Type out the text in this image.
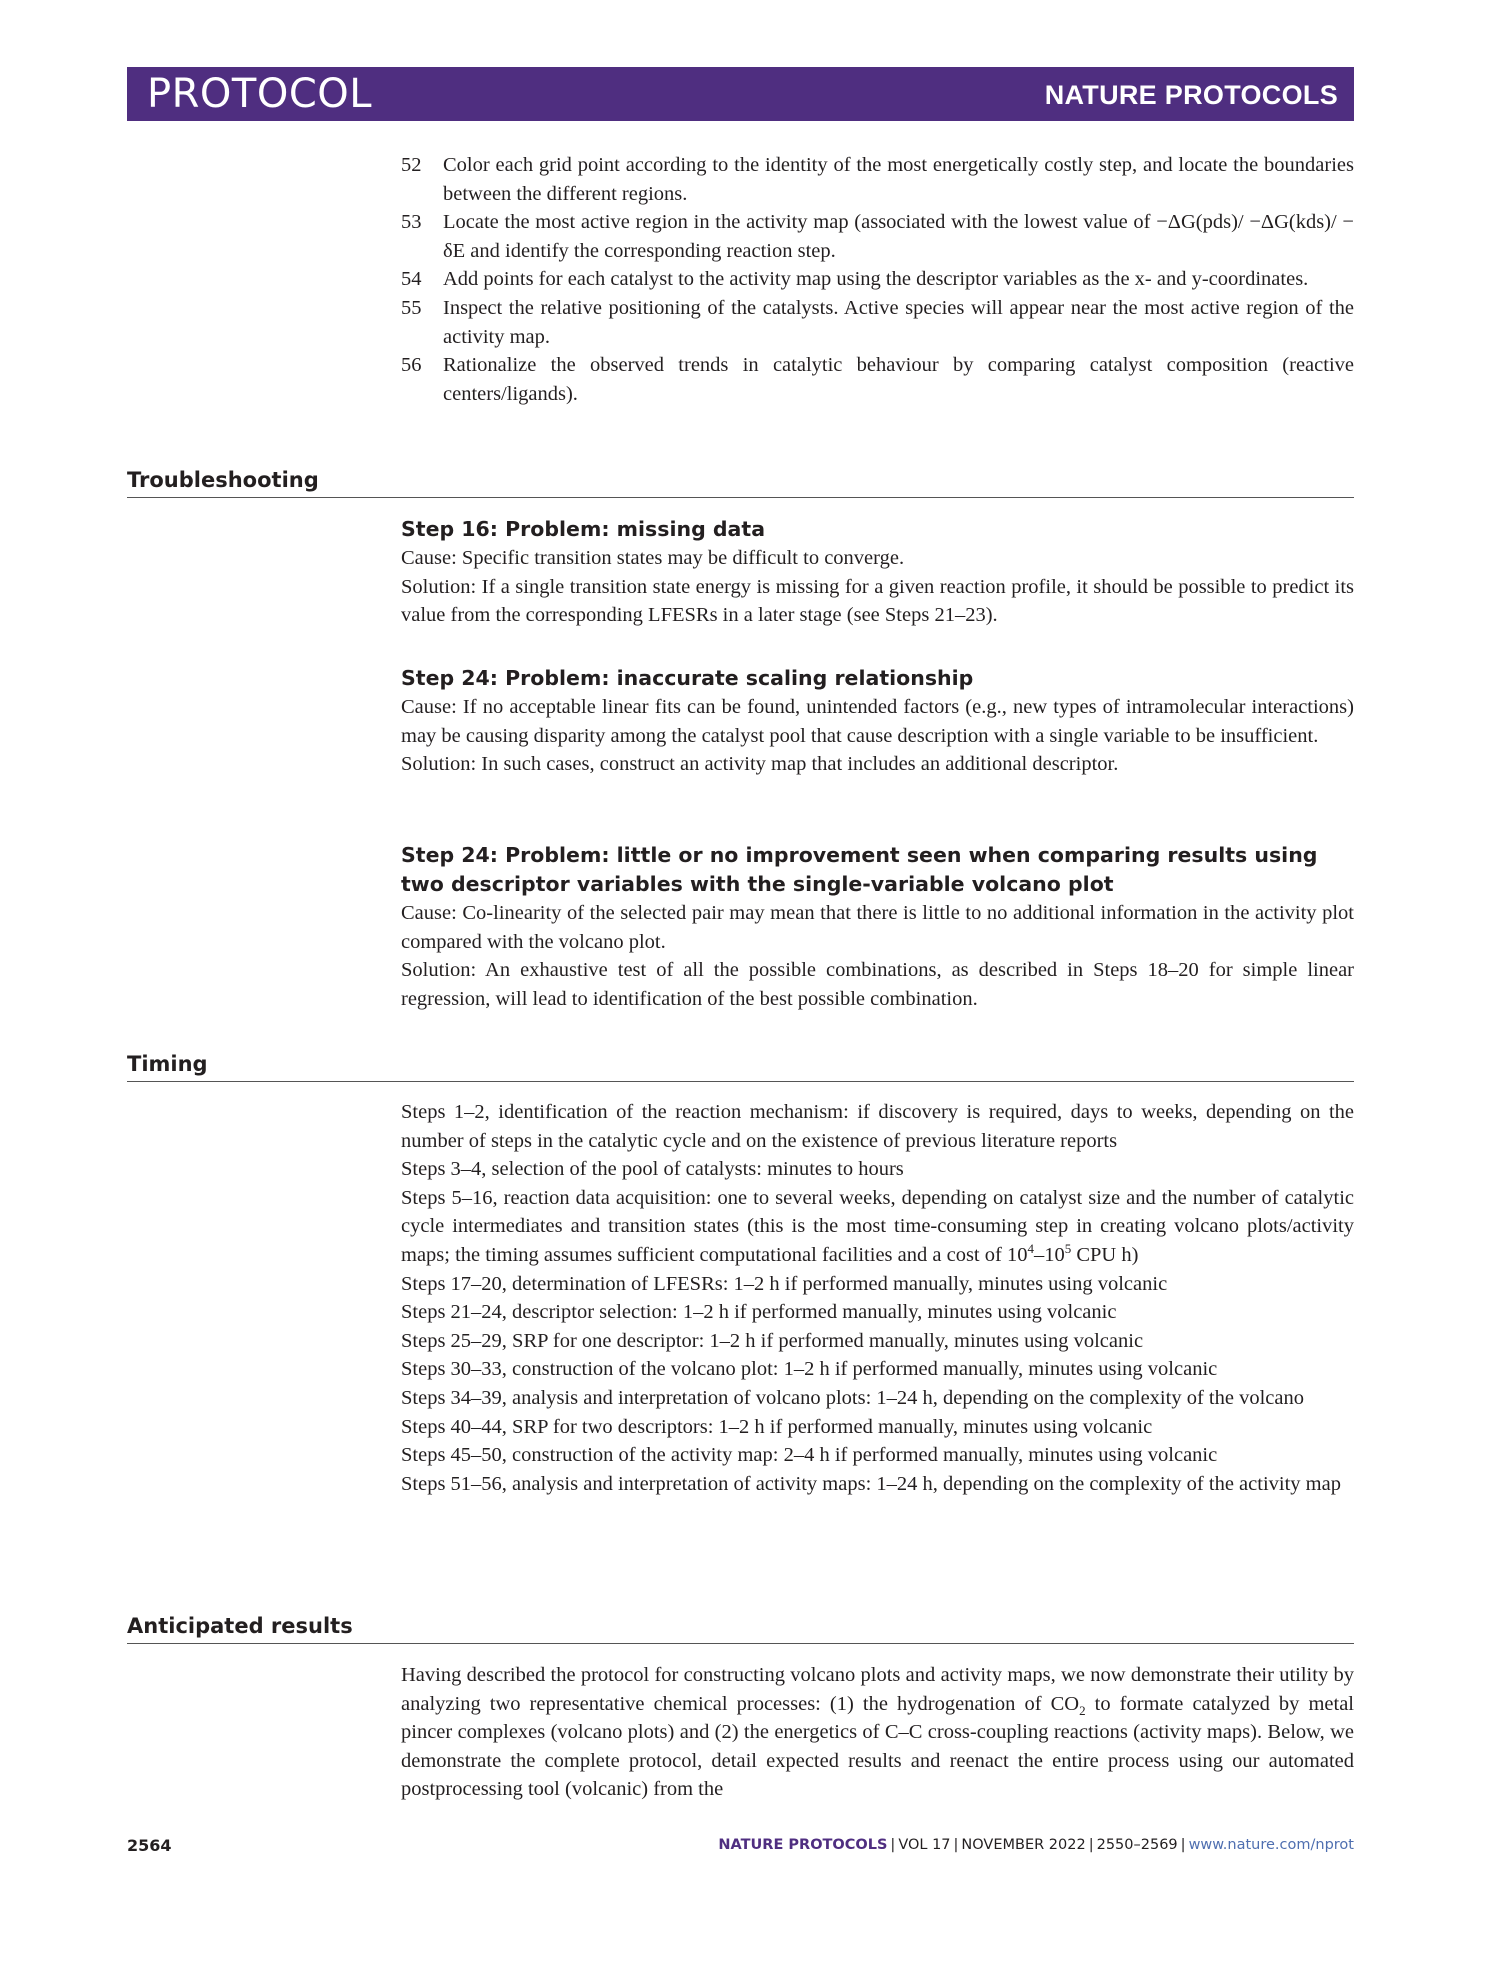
PROTOCOL	NATURE PROTOCOLS
52	Color each grid point according to the identity of the most energetically costly step, and locate the boundaries between the different regions.
53	Locate the most active region in the activity map (associated with the lowest value of −ΔG(pds)/ −ΔG(kds)/ − δE and identify the corresponding reaction step.
54	Add points for each catalyst to the activity map using the descriptor variables as the x- and y-coordinates.
55	Inspect the relative positioning of the catalysts. Active species will appear near the most active region of the activity map.
56	Rationalize the observed trends in catalytic behaviour by comparing catalyst composition (reactive centers/ligands).
Troubleshooting
Step 16: Problem: missing data

Cause: Specific transition states may be difficult to converge.

Solution: If a single transition state energy is missing for a given reaction profile, it should be possible to predict its value from the corresponding LFESRs in a later stage (see Steps 21–23).

Step 24: Problem: inaccurate scaling relationship

Cause: If no acceptable linear fits can be found, unintended factors (e.g., new types of intramolecular interactions) may be causing disparity among the catalyst pool that cause description with a single variable to be insufficient.

Solution: In such cases, construct an activity map that includes an additional descriptor.

Step 24: Problem: little or no improvement seen when comparing results using two descriptor variables with the single-variable volcano plot

Cause: Co-linearity of the selected pair may mean that there is little to no additional information in the activity plot compared with the volcano plot.

Solution: An exhaustive test of all the possible combinations, as described in Steps 18–20 for simple linear regression, will lead to identification of the best possible combination.

Timing

Steps 1–2, identification of the reaction mechanism: if discovery is required, days to weeks, depending on the number of steps in the catalytic cycle and on the existence of previous literature reports

Steps 3–4, selection of the pool of catalysts: minutes to hours

Steps 5–16, reaction data acquisition: one to several weeks, depending on catalyst size and the number of catalytic cycle intermediates and transition states (this is the most time-consuming step in creating volcano plots/activity maps; the timing assumes sufficient computational facilities and a cost of $10^4-10^5$ CPU h)

Steps 17–20, determination of LFESRs: 1–2 h if performed manually, minutes using volcanic

Steps 21–24, descriptor selection: 1–2 h if performed manually, minutes using volcanic

Steps 25–29, SRP for one descriptor: 1–2 h if performed manually, minutes using volcanic

Steps 30–33, construction of the volcano plot: 1–2 h if performed manually, minutes using volcanic

Steps 34–39, analysis and interpretation of volcano plots: 1–24 h, depending on the complexity of the volcano

Steps 40–44, SRP for two descriptors: 1–2 h if performed manually, minutes using volcanic

Steps 45–50, construction of the activity map: 2–4 h if performed manually, minutes using volcanic

Steps 51–56, analysis and interpretation of activity maps: 1–24 h, depending on the complexity of the activity map

Anticipated results

Having described the protocol for constructing volcano plots and activity maps, we now demonstrate their utility by analyzing two representative chemical processes: (1) the hydrogenation of $CO_2$ to formate catalyzed by metal pincer complexes (volcano plots) and (2) the energetics of C–C cross-coupling reactions (activity maps). Below, we demonstrate the complete protocol, detail expected results and reenact the entire process using our automated postprocessing tool (volcanic) from the

2564	NATURE PROTOCOLS | VOL 17 | NOVEMBER 2022 | 2550–2569 | www.nature.com/nprot
